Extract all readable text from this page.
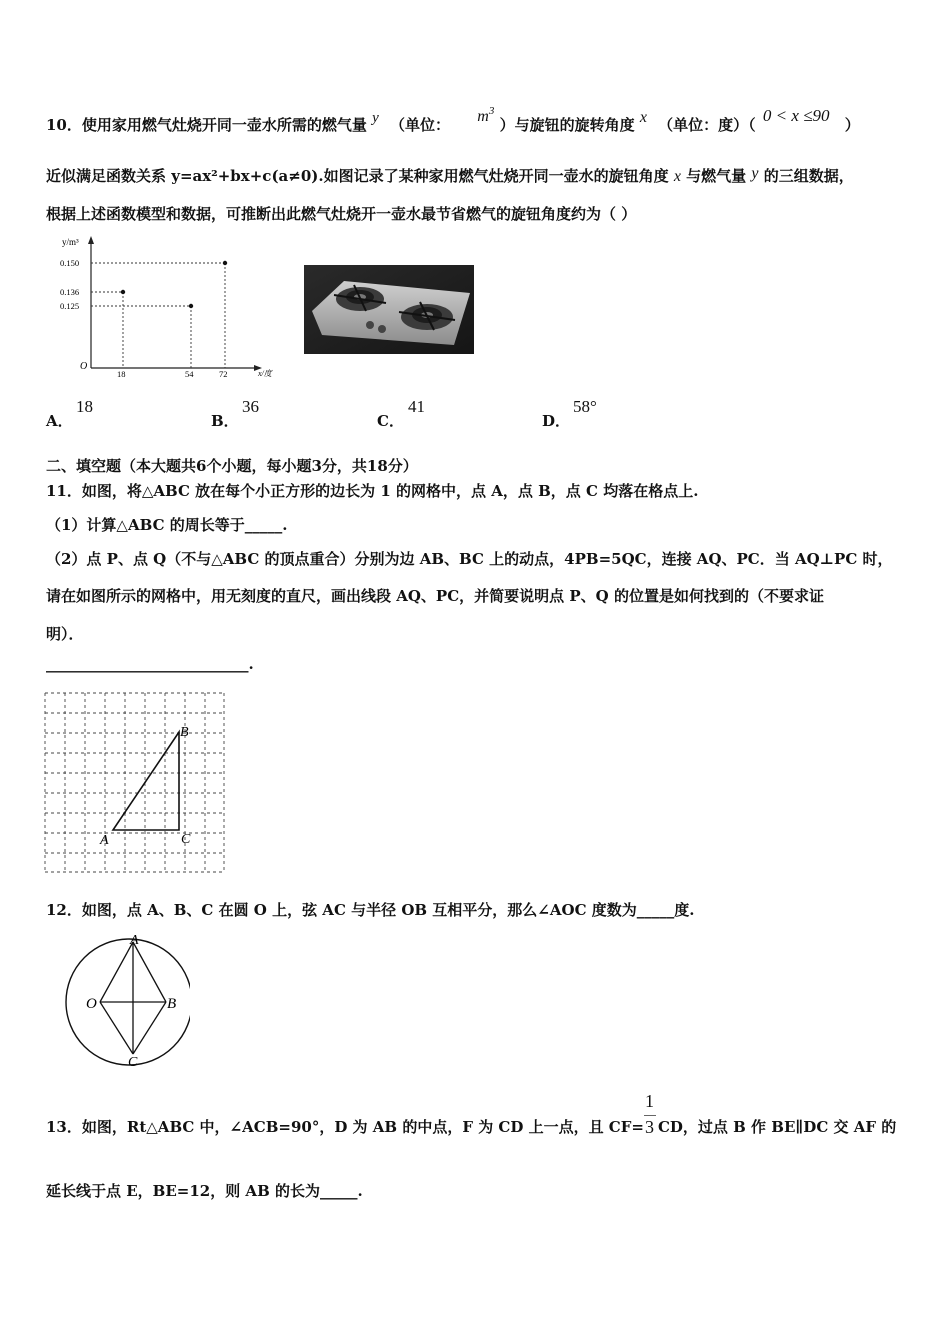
10．使用家用燃气灶烧开同一壶水所需的燃气量 y （单位： $m^3$ ）与旋钮的旋转角度 x （单位：度）（ 0 < x ≤90 ）
近似满足函数关系 y=ax²+bx+c(a≠0).如图记录了某种家用燃气灶烧开同一壶水的旋钮角度 x 与燃气量 y 的三组数据，
根据上述函数模型和数据，可推断出此燃气灶烧开一壶水最节省燃气的旋钮角度约为（ ）
y/m³
O
x/度
0.150
0.136
0.125
18	54	72
A．
18
B．
36
C．
41
D．
58°
二、填空题（本大题共6个小题，每小题3分，共18分）
11．如图，将△ABC 放在每个小正方形的边长为 1 的网格中，点 A，点 B，点 C 均落在格点上.
（1）计算△ABC 的周长等于_____.
（2）点 P、点 Q（不与△ABC 的顶点重合）分别为边 AB、BC 上的动点，4PB=5QC，连接 AQ、PC．当 AQ⊥PC 时，
请在如图所示的网格中，用无刻度的直尺，画出线段 AQ、PC，并简要说明点 P、Q 的位置是如何找到的（不要求证
明）．
___________________________.
A
B
C
12．如图，点 A、B、C 在圆 O 上，弦 AC 与半径 OB 互相平分，那么∠AOC 度数为_____度.
A
O	B
C
13．如图，Rt△ABC 中，∠ACB=90°，D 为 AB 的中点，F 为 CD 上一点，且 CF= CD，过点 B 作 BE∥DC 交 AF 的
1
3
延长线于点 E，BE=12，则 AB 的长为_____.
